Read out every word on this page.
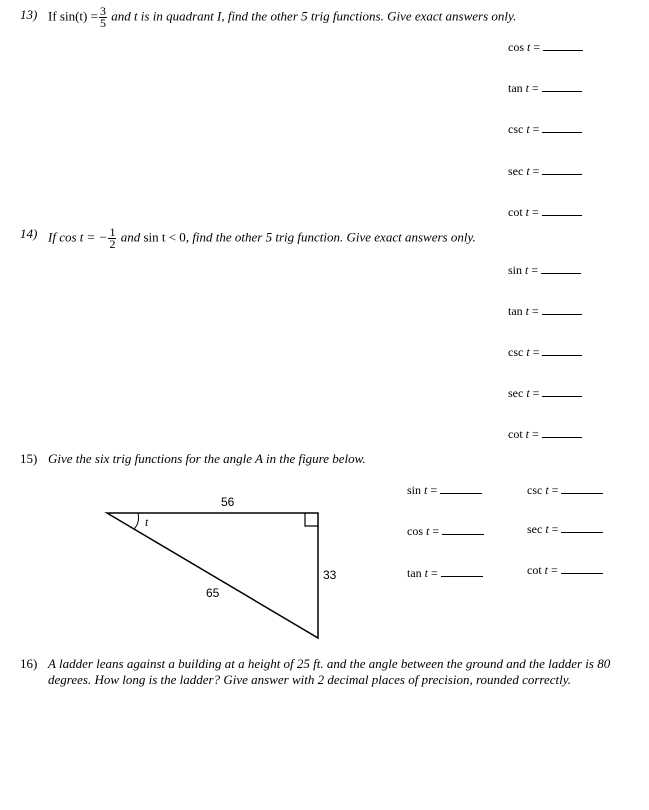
13) If $\sin(t) = \frac{3}{5}$ and t is in quadrant I, find the other 5 trig functions. Give exact answers only.
cos t =
tan t =
csc t =
sec t =
cot t =
14) If cos t = − $\frac{1}{2}$ and sin t < 0, find the other 5 trig function. Give exact answers only.
sin t =
tan t =
csc t =
sec t =
cot t =
15) Give the six trig functions for the angle A in the figure below.
56
33
65
t
sin t =	csc t =
cos t =	sec t =
tan t =	cot t =
16) A ladder leans against a building at a height of 25 ft. and the angle between the ground and the ladder is 80 degrees. How long is the ladder? Give answer with 2 decimal places of precision, rounded correctly.
